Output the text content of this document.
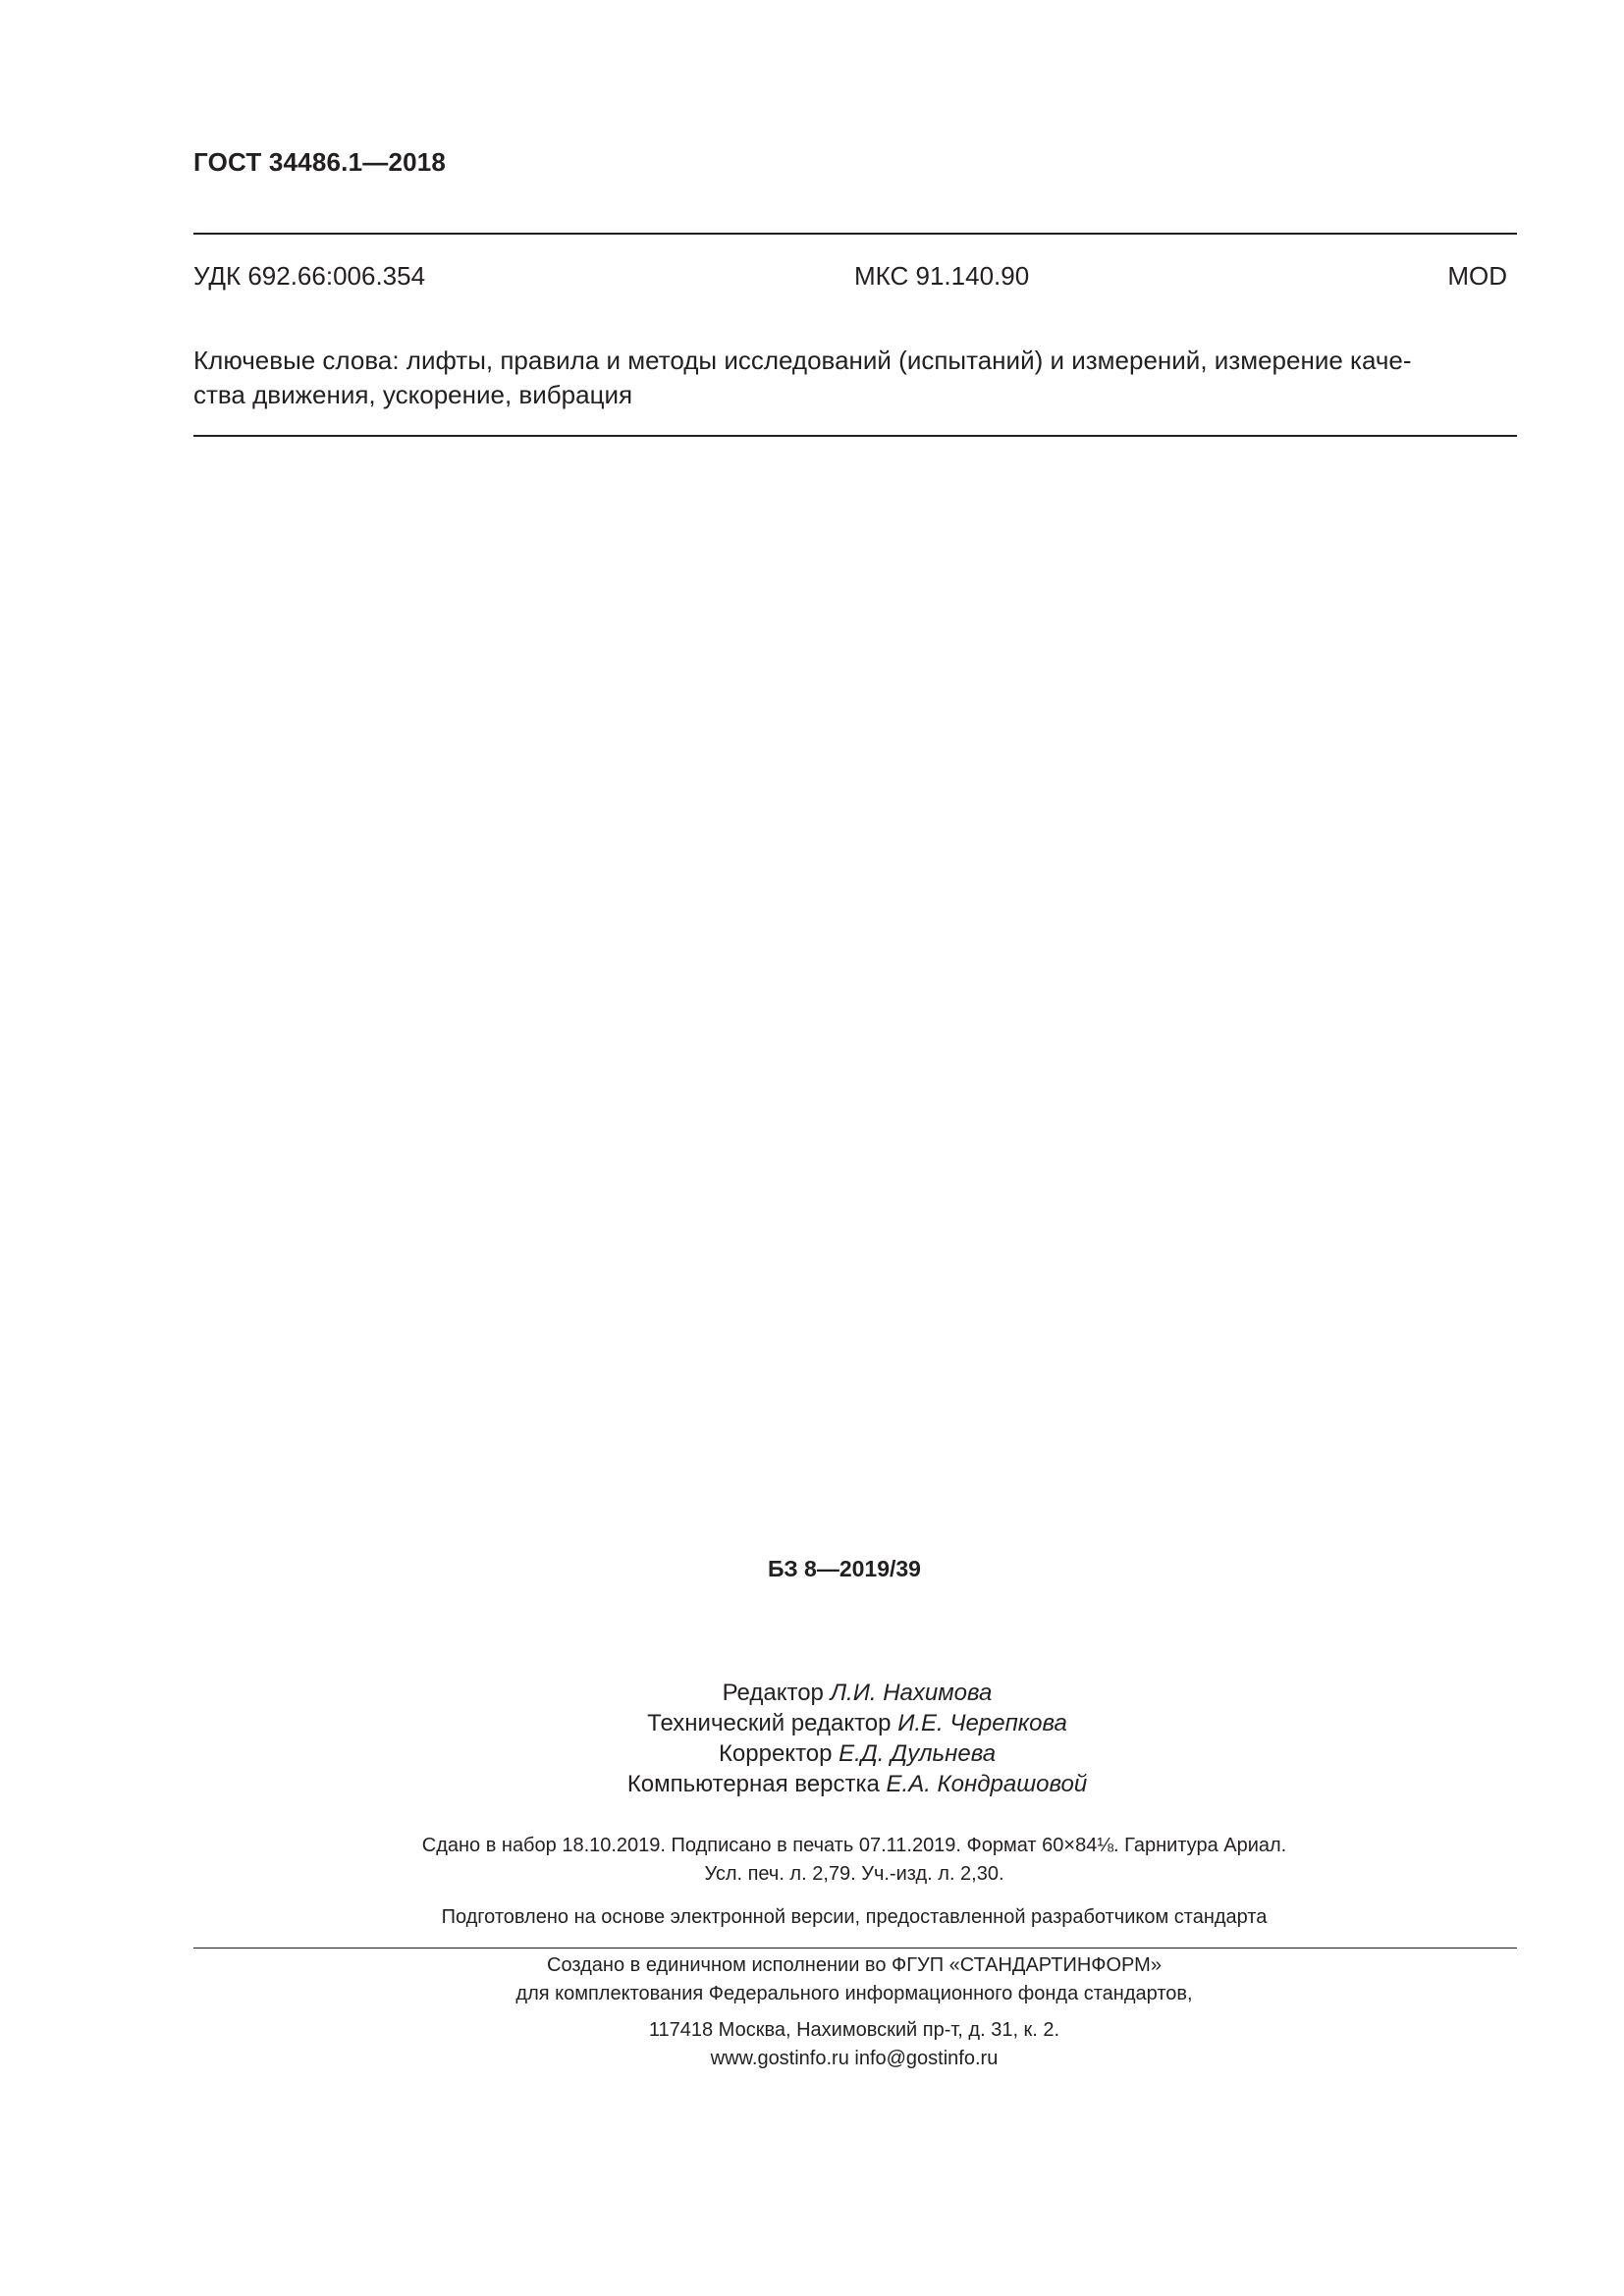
ГОСТ 34486.1—2018
УДК 692.66:006.354	МКС 91.140.90	MOD
Ключевые слова: лифты, правила и методы исследований (испытаний) и измерений, измерение каче-
ства движения, ускорение, вибрация
БЗ 8—2019/39
Редактор Л.И. Нахимова
Технический редактор И.Е. Черепкова
Корректор Е.Д. Дульнева
Компьютерная верстка Е.А. Кондрашовой
Сдано в набор 18.10.2019. Подписано в печать 07.11.2019. Формат 60×84⅛. Гарнитура Ариал.
Усл. печ. л. 2,79. Уч.-изд. л. 2,30.
Подготовлено на основе электронной версии, предоставленной разработчиком стандарта
Создано в единичном исполнении во ФГУП «СТАНДАРТИНФОРМ»
для комплектования Федерального информационного фонда стандартов,
117418 Москва, Нахимовский пр-т, д. 31, к. 2.
www.gostinfo.ru info@gostinfo.ru
